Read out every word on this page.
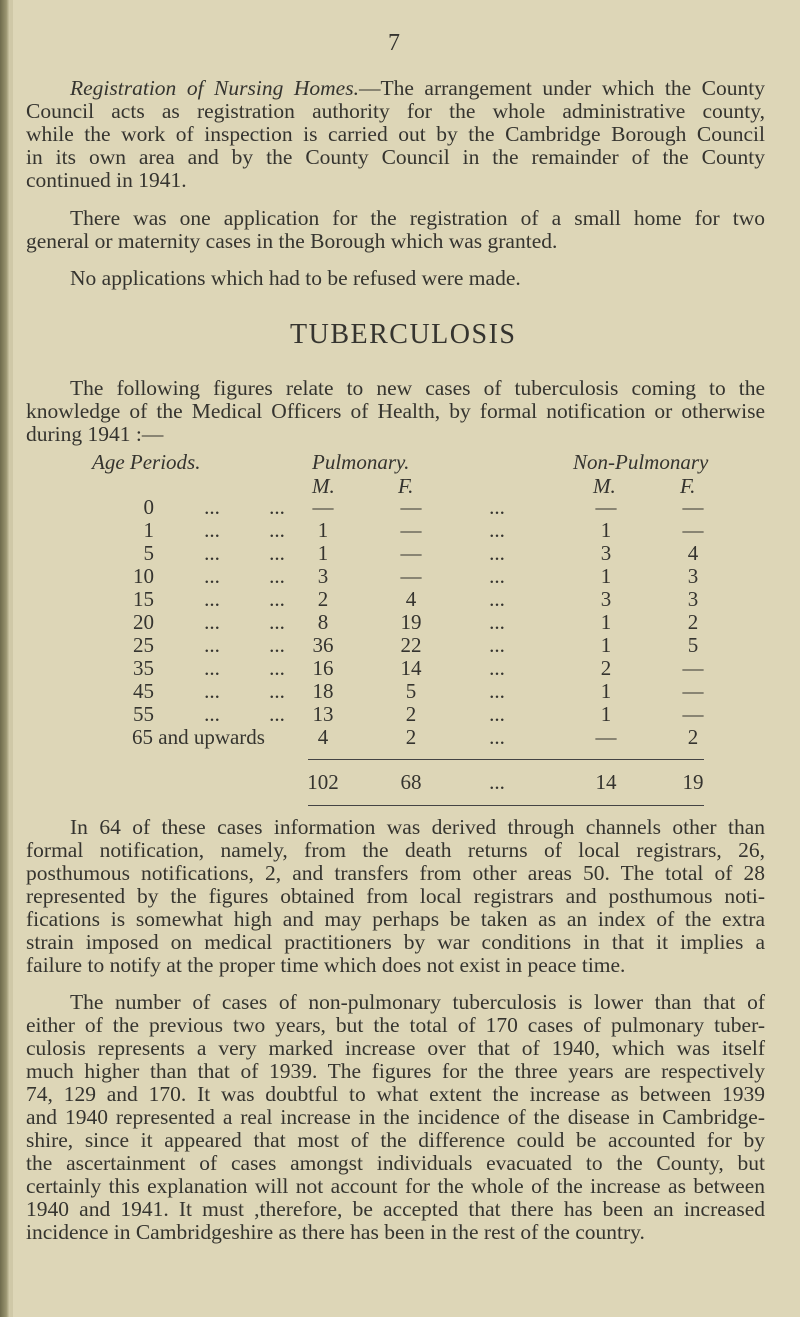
7
TUBERCULOSIS
Registration of Nursing Homes.—The arrangement under which the County
Council acts as registration authority for the whole administrative county,
while the work of inspection is carried out by the Cambridge Borough Council
in its own area and by the County Council in the remainder of the County
continued in 1941.
There was one application for the registration of a small home for two
general or maternity cases in the Borough which was granted.
No applications which had to be refused were made.
The following figures relate to new cases of tuberculosis coming to the
knowledge of the Medical Officers of Health, by formal notification or otherwise
during 1941 :—
In 64 of these cases information was derived through channels other than
formal notification, namely, from the death returns of local registrars, 26,
posthumous notifications, 2, and transfers from other areas 50. The total of 28
represented by the figures obtained from local registrars and posthumous noti-
fications is somewhat high and may perhaps be taken as an index of the extra
strain imposed on medical practitioners by war conditions in that it implies a
failure to notify at the proper time which does not exist in peace time.
The number of cases of non-pulmonary tuberculosis is lower than that of
either of the previous two years, but the total of 170 cases of pulmonary tuber-
culosis represents a very marked increase over that of 1940, which was itself
much higher than that of 1939. The figures for the three years are respectively
74, 129 and 170. It was doubtful to what extent the increase as between 1939
and 1940 represented a real increase in the incidence of the disease in Cambridge-
shire, since it appeared that most of the difference could be accounted for by
the ascertainment of cases amongst individuals evacuated to the County, but
certainly this explanation will not account for the whole of the increase as between
1940 and 1941. It must ,therefore, be accepted that there has been an increased
incidence in Cambridgeshire as there has been in the rest of the country.
Age Periods.	Pulmonary.	Non-Pulmonary
M.	F.	M.	F.
0 ... ... —	—	...	—	—
1 ... ... 1	—	...	1	—
5 ... ... 1	—	...	3	4
10 ... ... 3	—	...	1	3
15 ... ... 2	4	...	3	3
20 ... ... 8	19	...	1	2
25 ... ... 36	22	...	1	5
35 ... ... 16	14	...	2	—
45 ... ... 18	5	...	1	—
55 ... ... 13	2	...	1	—
65 and upwards	4	2	...	—	2
102	68	...	14	19
